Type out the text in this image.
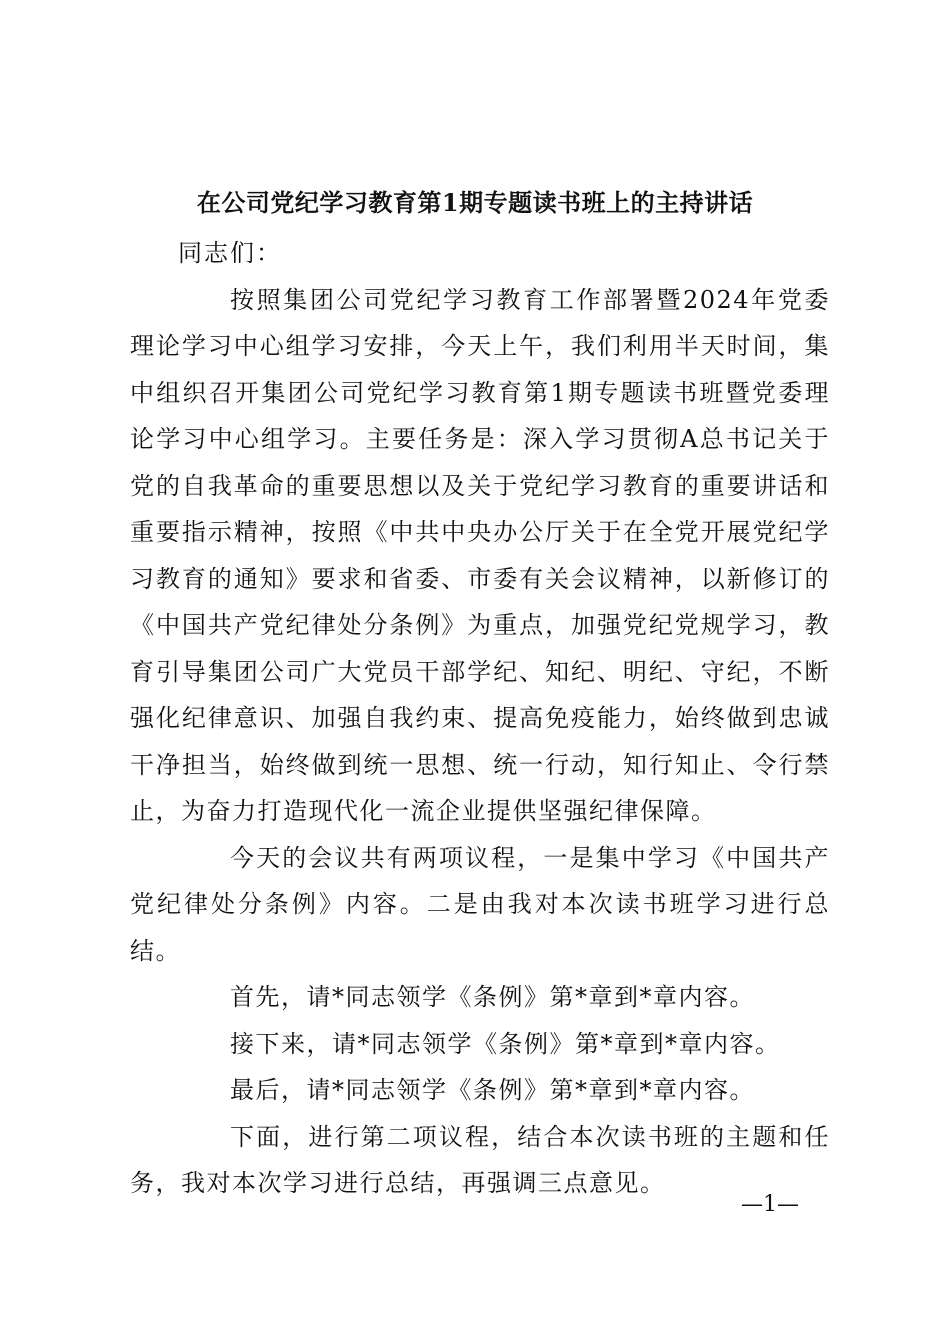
在公司党纪学习教育第1期专题读书班上的主持讲话

同志们：

按照集团公司党纪学习教育工作部署暨2024年党委理论学习中心组学习安排，今天上午，我们利用半天时间，集中组织召开集团公司党纪学习教育第1期专题读书班暨党委理论学习中心组学习。主要任务是：深入学习贯彻A总书记关于党的自我革命的重要思想以及关于党纪学习教育的重要讲话和重要指示精神，按照《中共中央办公厅关于在全党开展党纪学习教育的通知》要求和省委、市委有关会议精神，以新修订的《中国共产党纪律处分条例》为重点，加强党纪党规学习，教育引导集团公司广大党员干部学纪、知纪、明纪、守纪，不断强化纪律意识、加强自我约束、提高免疫能力，始终做到忠诚干净担当，始终做到统一思想、统一行动，知行知止、令行禁止，为奋力打造现代化一流企业提供坚强纪律保障。

今天的会议共有两项议程，一是集中学习《中国共产党纪律处分条例》内容。二是由我对本次读书班学习进行总结。

首先，请*同志领学《条例》第*章到*章内容。

接下来，请*同志领学《条例》第*章到*章内容。

最后，请*同志领学《条例》第*章到*章内容。

下面，进行第二项议程，结合本次读书班的主题和任务，我对本次学习进行总结，再强调三点意见。

—1—
